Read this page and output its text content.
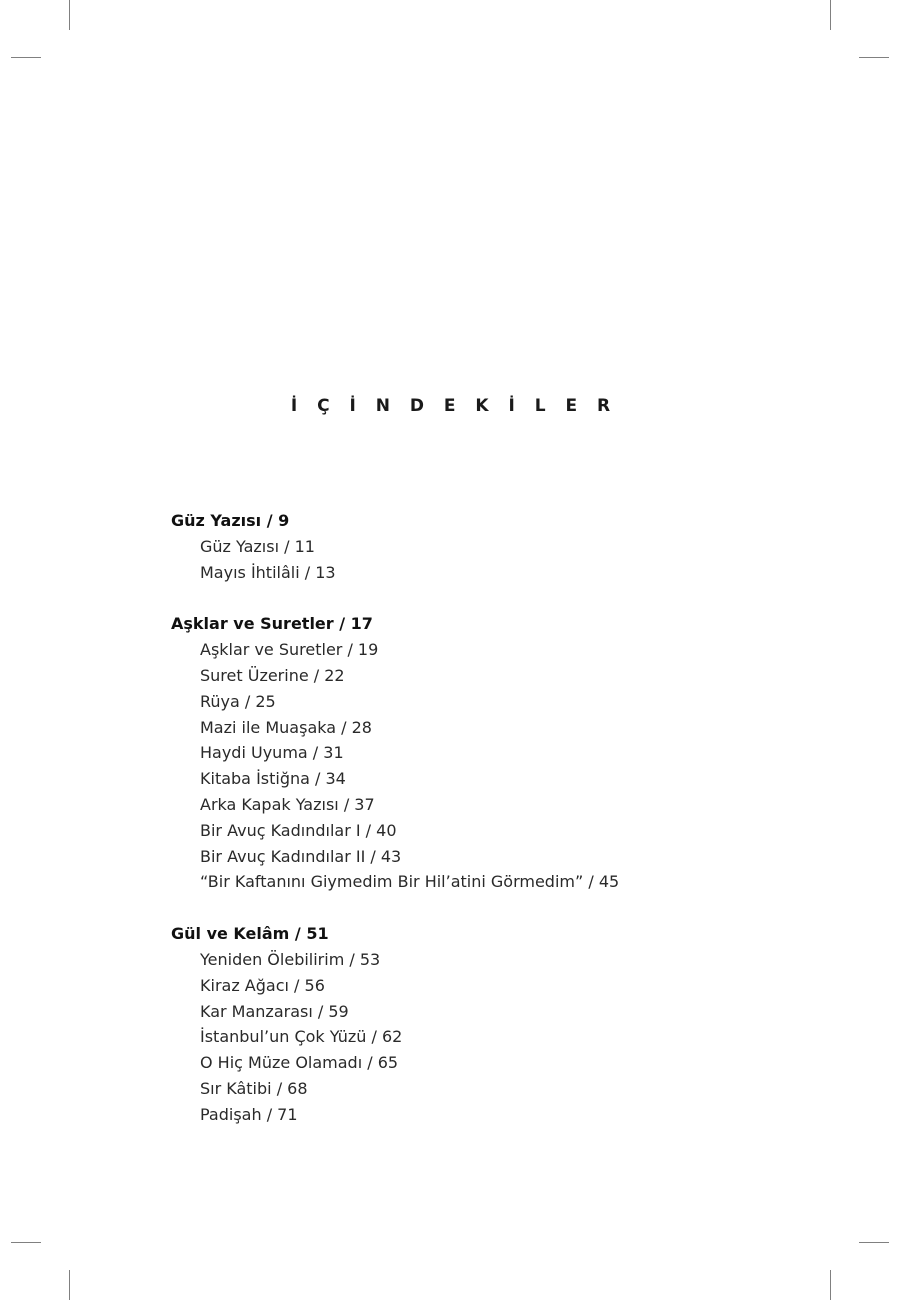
İ Ç İ N D E K İ L E R
Güz Yazısı / 9
Güz Yazısı / 11
Mayıs İhtilâli / 13
Aşklar ve Suretler / 17
Aşklar ve Suretler / 19
Suret Üzerine / 22
Rüya / 25
Mazi ile Muaşaka / 28
Haydi Uyuma / 31
Kitaba İstiğna / 34
Arka Kapak Yazısı / 37
Bir Avuç Kadındılar I / 40
Bir Avuç Kadındılar II / 43
“Bir Kaftanını Giymedim Bir Hil’atini Görmedim” / 45
Gül ve Kelâm / 51
Yeniden Ölebilirim / 53
Kiraz Ağacı / 56
Kar Manzarası / 59
İstanbul’un Çok Yüzü / 62
O Hiç Müze Olamadı / 65
Sır Kâtibi / 68
Padişah / 71
